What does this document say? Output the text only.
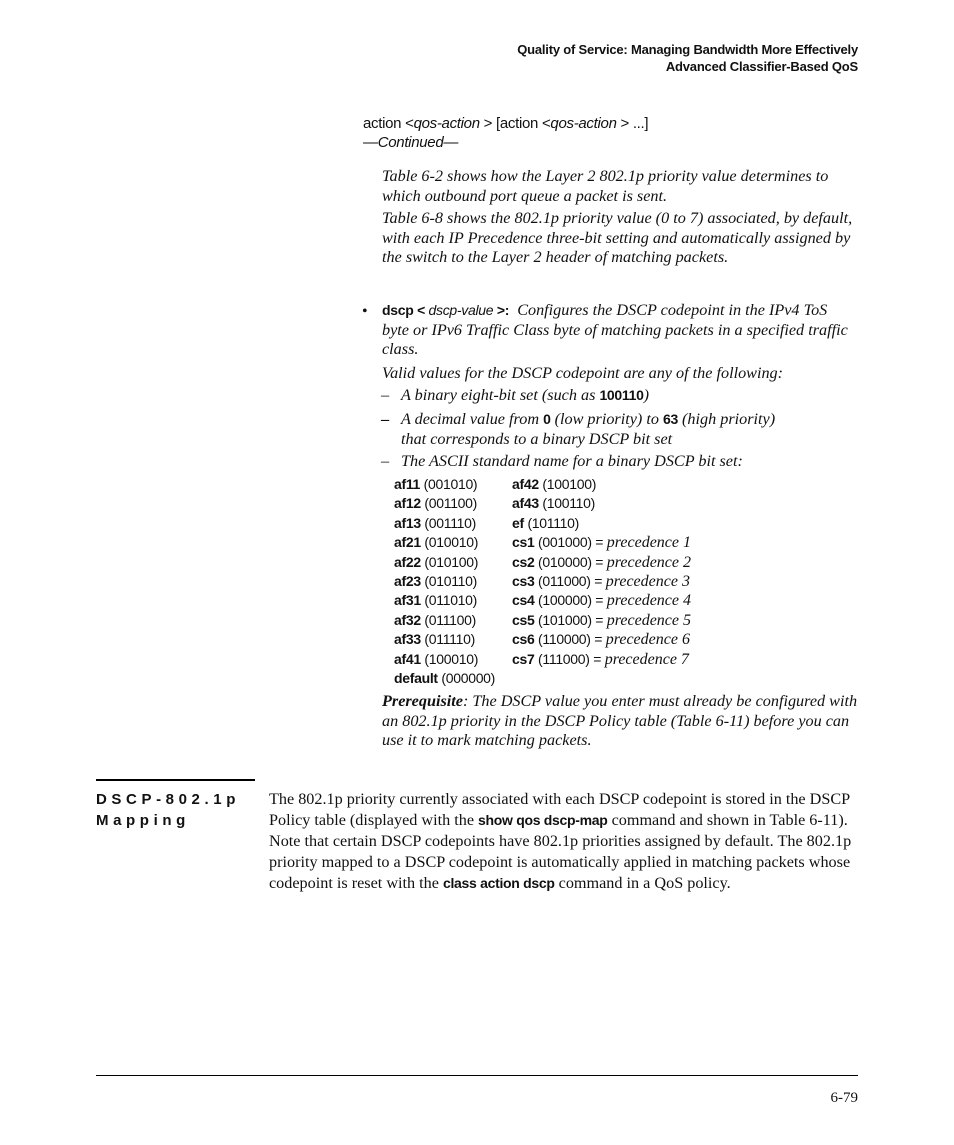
Quality of Service: Managing Bandwidth More Effectively
Advanced Classifier-Based QoS
action <qos-action > [action <qos-action > ...]
—Continued—
Table 6-2 shows how the Layer 2 802.1p priority value determines to which outbound port queue a packet is sent.
Table 6-8 shows the 802.1p priority value (0 to 7) associated, by default, with each IP Precedence three-bit setting and automatically assigned by the switch to the Layer 2 header of matching packets.
• dscp < dscp-value >: Configures the DSCP codepoint in the IPv4 ToS byte or IPv6 Traffic Class byte of matching packets in a specified traffic class.
Valid values for the DSCP codepoint are any of the following:
– A binary eight-bit set (such as 100110)
– A decimal value from 0 (low priority) to 63 (high priority)
that corresponds to a binary DSCP bit set
– The ASCII standard name for a binary DSCP bit set:
af11 (001010) af42 (100100)
af12 (001100) af43 (100110)
af13 (001110)	ef (101110)
af21 (010010) cs1 (001000) = precedence 1
af22 (010100) cs2 (010000) = precedence 2
af23 (010110) cs3 (011000) = precedence 3
af31 (011010) cs4 (100000) = precedence 4
af32 (011100)	cs5 (101000) = precedence 5
af33 (011110)	cs6 (110000) = precedence 6
af41 (100010) cs7 (111000) = precedence 7
default (000000)
Prerequisite: The DSCP value you enter must already be configured with an 802.1p priority in the DSCP Policy table (Table 6-11) before you can use it to mark matching packets.
DSCP-802.1p
Mapping
The 802.1p priority currently associated with each DSCP codepoint is stored in the DSCP Policy table (displayed with the show qos dscp-map command and shown in Table 6-11). Note that certain DSCP codepoints have 802.1p priorities assigned by default. The 802.1p priority mapped to a DSCP codepoint is automatically applied in matching packets whose codepoint is reset with the class action dscp command in a QoS policy.
6-79
